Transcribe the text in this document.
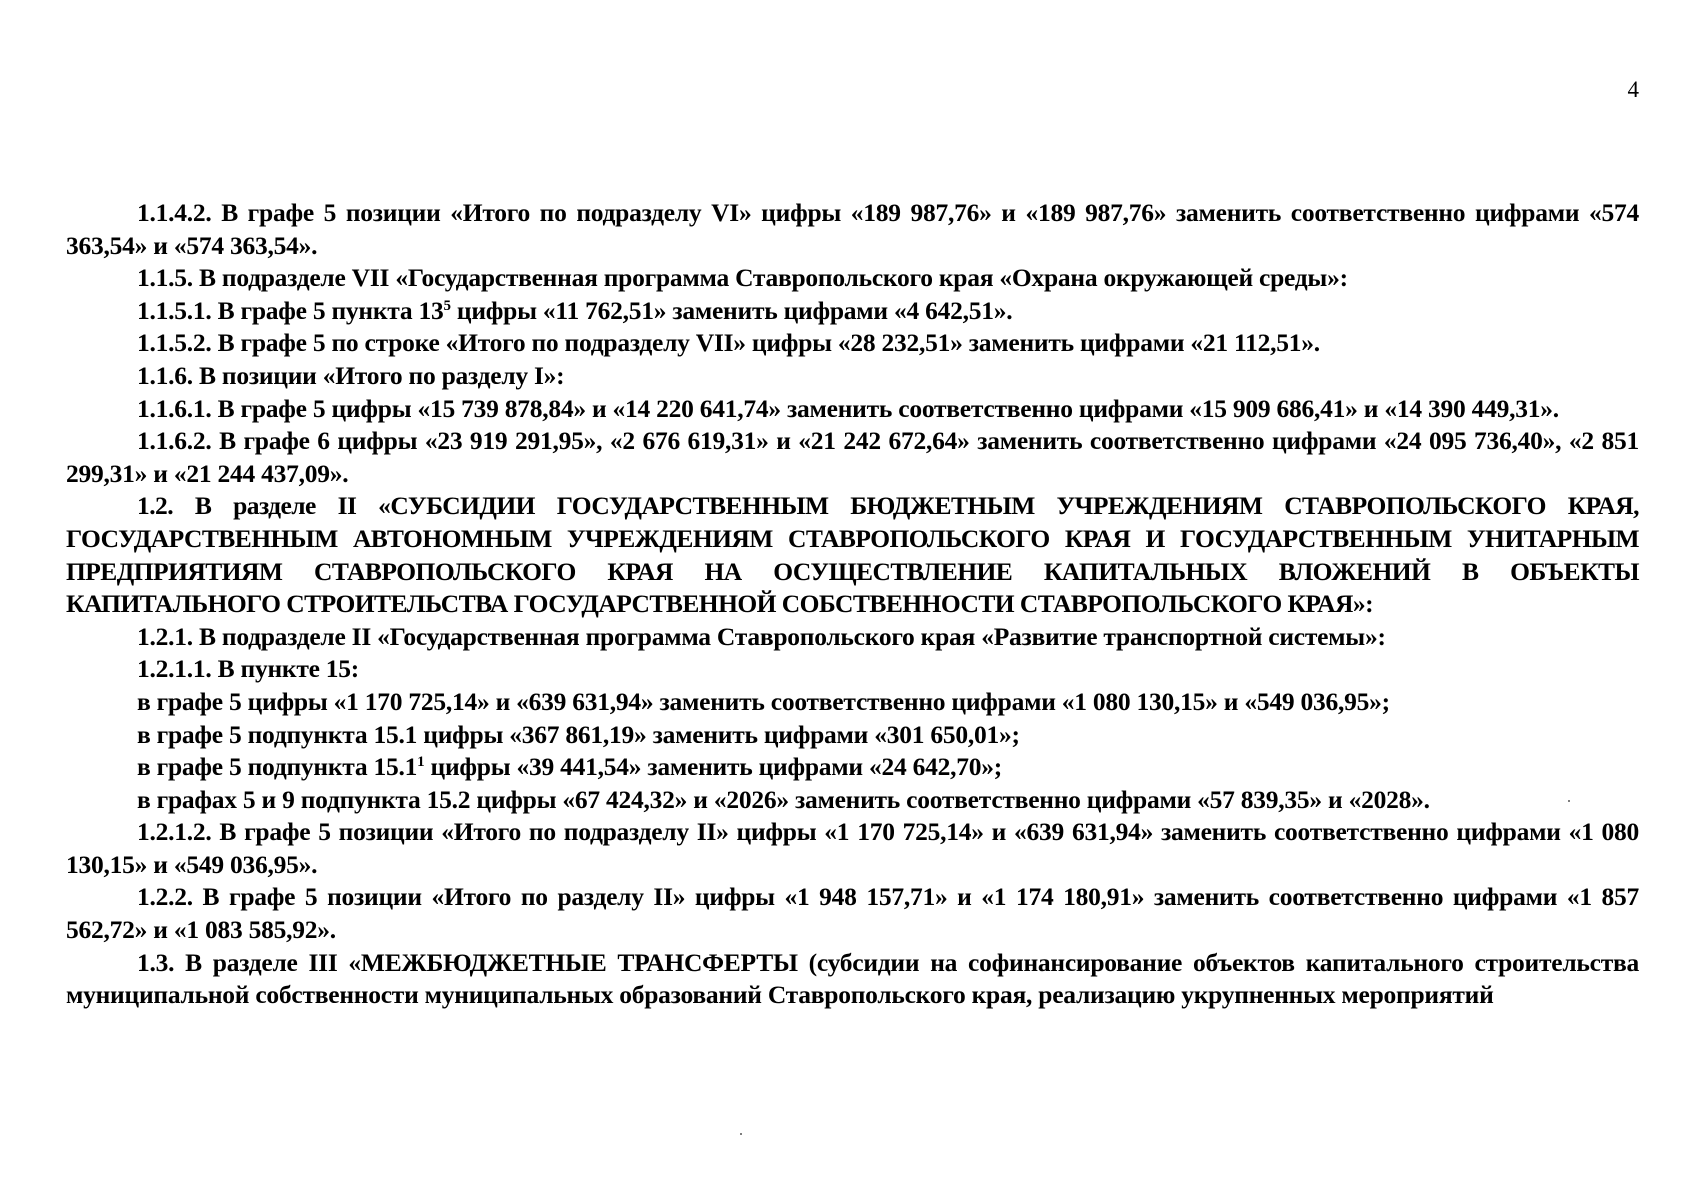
4

1.1.4.2. В графе 5 позиции «Итого по подразделу VI» цифры «189 987,76» и «189 987,76» заменить соответственно цифрами «574 363,54» и «574 363,54».

1.1.5. В подразделе VII «Государственная программа Ставропольского края «Охрана окружающей среды»:

1.1.5.1. В графе 5 пункта $13^5$ цифры «11 762,51» заменить цифрами «4 642,51».

1.1.5.2. В графе 5 по строке «Итого по подразделу VII» цифры «28 232,51» заменить цифрами «21 112,51».

1.1.6. В позиции «Итого по разделу I»:

1.1.6.1. В графе 5 цифры «15 739 878,84» и «14 220 641,74» заменить соответственно цифрами «15 909 686,41» и «14 390 449,31».

1.1.6.2. В графе 6 цифры «23 919 291,95», «2 676 619,31» и «21 242 672,64» заменить соответственно цифрами «24 095 736,40», «2 851 299,31» и «21 244 437,09».

1.2. В разделе II «СУБСИДИИ ГОСУДАРСТВЕННЫМ БЮДЖЕТНЫМ УЧРЕЖДЕНИЯМ СТАВРОПОЛЬСКОГО КРАЯ, ГОСУДАРСТВЕННЫМ АВТОНОМНЫМ УЧРЕЖДЕНИЯМ СТАВРОПОЛЬСКОГО КРАЯ И ГОСУДАРСТВЕННЫМ УНИТАРНЫМ ПРЕДПРИЯТИЯМ СТАВРОПОЛЬСКОГО КРАЯ НА ОСУЩЕСТВЛЕНИЕ КАПИТАЛЬНЫХ ВЛОЖЕНИЙ В ОБЪЕКТЫ КАПИТАЛЬНОГО СТРОИТЕЛЬСТВА ГОСУДАРСТВЕННОЙ СОБСТВЕННОСТИ СТАВРОПОЛЬСКОГО КРАЯ»:

1.2.1. В подразделе II «Государственная программа Ставропольского края «Развитие транспортной системы»:

1.2.1.1. В пункте 15:

в графе 5 цифры «1 170 725,14» и «639 631,94» заменить соответственно цифрами «1 080 130,15» и «549 036,95»;

в графе 5 подпункта 15.1 цифры «367 861,19» заменить цифрами «301 650,01»;

в графе 5 подпункта 15.1$^1$ цифры «39 441,54» заменить цифрами «24 642,70»;

в графах 5 и 9 подпункта 15.2 цифры «67 424,32» и «2026» заменить соответственно цифрами «57 839,35» и «2028».

1.2.1.2. В графе 5 позиции «Итого по подразделу II» цифры «1 170 725,14» и «639 631,94» заменить соответственно цифрами «1 080 130,15» и «549 036,95».

1.2.2. В графе 5 позиции «Итого по разделу II» цифры «1 948 157,71» и «1 174 180,91» заменить соответственно цифрами «1 857 562,72» и «1 083 585,92».

1.3. В разделе III «МЕЖБЮДЖЕТНЫЕ ТРАНСФЕРТЫ (субсидии на софинансирование объектов капитального строительства муниципальной собственности муниципальных образований Ставропольского края, реализацию укрупненных мероприятий
